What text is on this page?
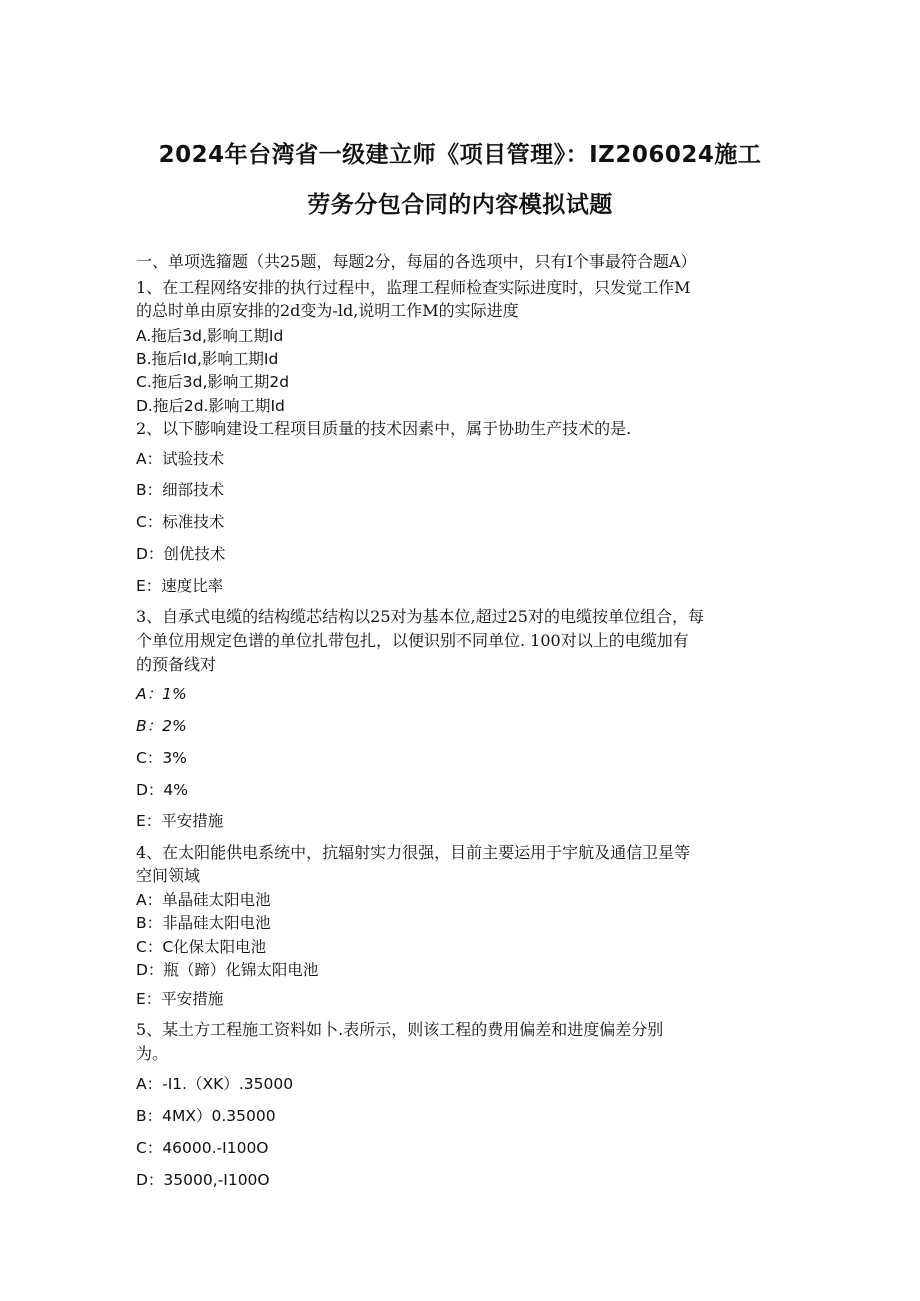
2024年台湾省一级建立师《项目管理》：IZ206024施工
劳务分包合同的内容模拟试题
一、单项选籀题（共25题，每题2分，每届的各选项中，只有I个事最符合题A）
1、在工程网络安排的执行过程中，监理工程师检查实际进度时，只发觉工作M
的总时单由原安排的2d变为-ld,说明工作M的实际进度
A.拖后3d,影响工期Id
B.拖后Id,影响工期Id
C.拖后3d,影响工期2d
D.拖后2d.影响工期Id
2、以下膨响建设工程项目质量的技术因素中，属于协助生产技术的是.
A：试验技术
B：细部技术
C：标准技术
D：创优技术
E：速度比率
3、自承式电缆的结构缆芯结构以25对为基本位,超过25对的电缆按单位组合，每
个单位用规定色谱的单位扎带包扎，以便识别不同单位. 100对以上的电缆加有
的预备线对
A：1%
B：2%
C：3%
D：4%
E：平安措施
4、在太阳能供电系统中，抗辐射实力很强，目前主要运用于宇航及通信卫星等
空间领域
A：单晶硅太阳电池
B：非晶硅太阳电池
C：C化保太阳电池
D：瓶（蹄）化锦太阳电池
E：平安措施
5、某土方工程施工资料如卜.表所示，则该工程的费用偏差和进度偏差分别
为。
A：-I1.（XK）.35000
B：4MX）0.35000
C：46000.-I100O
D：35000,-I100O
